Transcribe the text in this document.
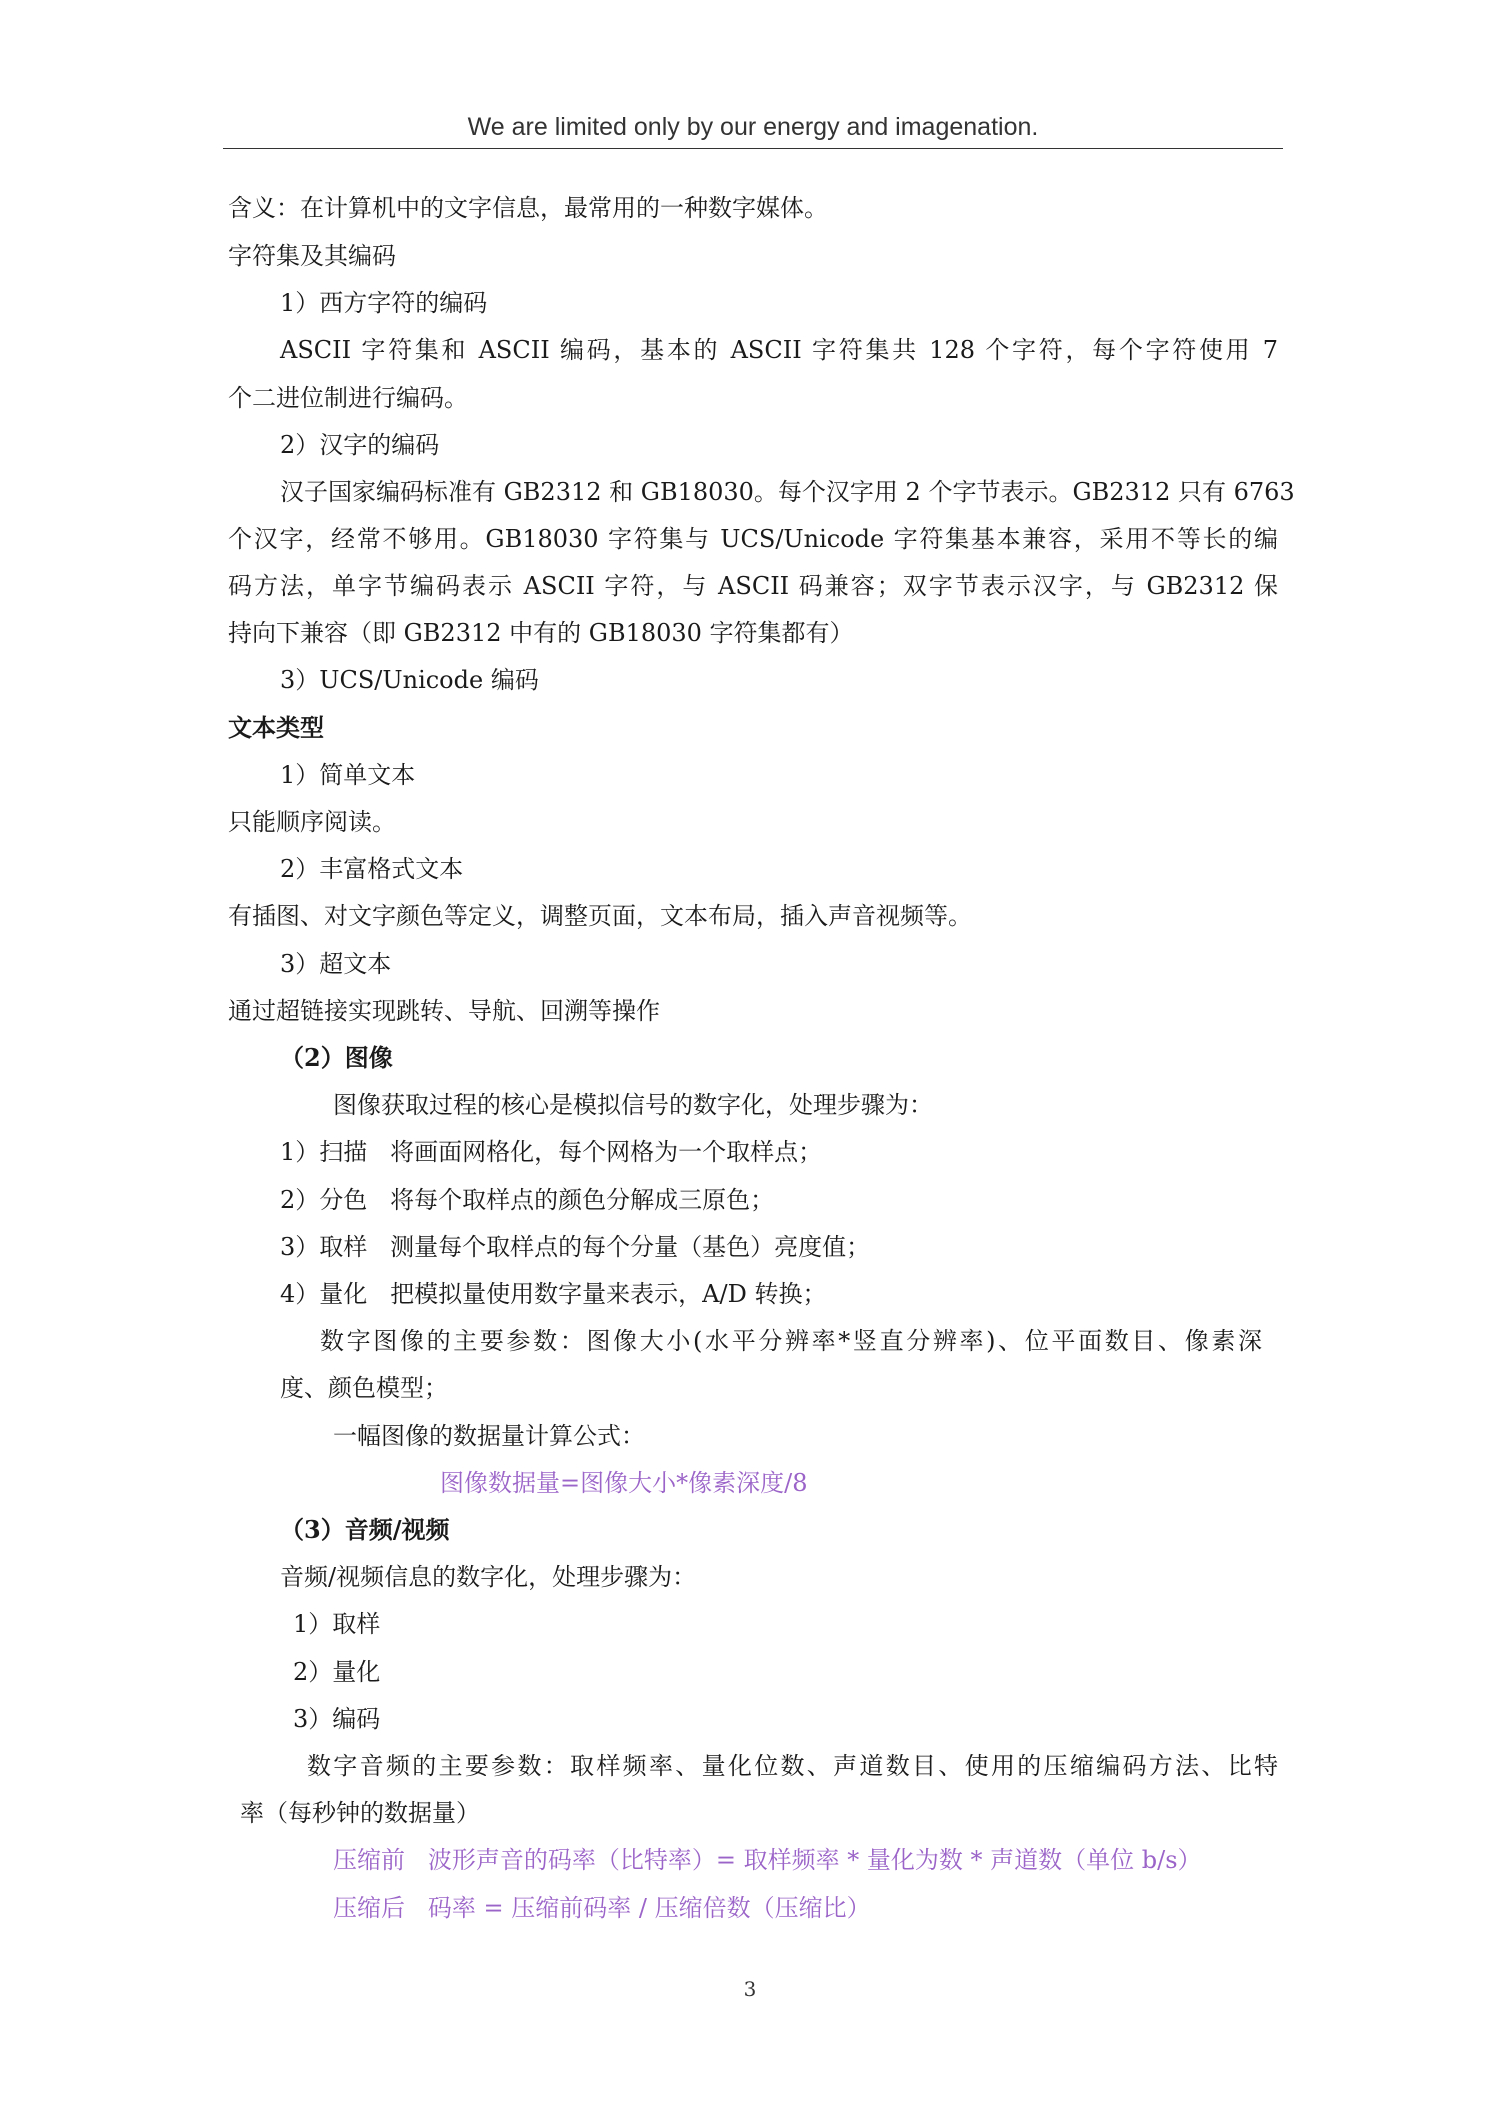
We are limited only by our energy and imagenation.
含义：在计算机中的文字信息，最常用的一种数字媒体。
字符集及其编码
1）西方字符的编码
ASCII 字符集和 ASCII 编码，基本的 ASCII 字符集共 128 个字符，每个字符使用 7
个二进位制进行编码。
2）汉字的编码
汉子国家编码标准有 GB2312 和 GB18030。每个汉字用 2 个字节表示。GB2312 只有 6763
个汉字，经常不够用。GB18030 字符集与 UCS/Unicode 字符集基本兼容，采用不等长的编
码方法，单字节编码表示 ASCII 字符，与 ASCII 码兼容；双字节表示汉字，与 GB2312 保
持向下兼容（即 GB2312 中有的 GB18030 字符集都有）
3）UCS/Unicode 编码
文本类型
1）简单文本
只能顺序阅读。
2）丰富格式文本
有插图、对文字颜色等定义，调整页面，文本布局，插入声音视频等。
3）超文本
通过超链接实现跳转、导航、回溯等操作
（2）图像
图像获取过程的核心是模拟信号的数字化，处理步骤为：
1）扫描   将画面网格化，每个网格为一个取样点；
2）分色   将每个取样点的颜色分解成三原色；
3）取样   测量每个取样点的每个分量（基色）亮度值；
4）量化   把模拟量使用数字量来表示，A/D 转换；
数字图像的主要参数：图像大小(水平分辨率*竖直分辨率)、位平面数目、像素深
度、颜色模型；
一幅图像的数据量计算公式：
图像数据量=图像大小*像素深度/8
（3）音频/视频
音频/视频信息的数字化，处理步骤为：
1）取样
2）量化
3）编码
数字音频的主要参数：取样频率、量化位数、声道数目、使用的压缩编码方法、比特
率（每秒钟的数据量）
压缩前   波形声音的码率（比特率）= 取样频率 * 量化为数 * 声道数（单位 b/s）
压缩后   码率 = 压缩前码率 / 压缩倍数（压缩比）
3
